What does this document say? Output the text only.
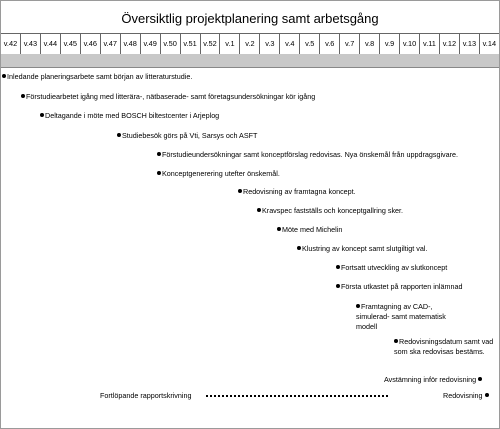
Översiktlig projektplanering samt arbetsgång
v.42 v.43 v.44 v.45 v.46 v.47 v.48 v.49 v.50 v.51 v.52	v.1	v.2	v.3	v.4	v.5	v.6	v.7	v.8	v.9	v.10 v.11 v.12 v.13 v.14
Inledande planeringsarbete samt början av litteraturstudie.
Förstudiearbetet igång med litterära-, nätbaserade- samt företagsundersökningar kör igång
Deltagande i möte med BOSCH biltestcenter i Arjeplog
Studiebesök görs på Vti, Sarsys och ASFT
Förstudieundersökningar samt konceptförslag redovisas. Nya önskemål från uppdragsgivare.
Konceptgenerering utefter önskemål.
Redovisning av framtagna koncept.
Kravspec fastställs och konceptgallring sker.
Möte med Michelin
Klustring av koncept samt slutgiltigt val.
Fortsatt utveckling av slutkoncept
Första utkastet på rapporten inlämnad
Framtagning av CAD-, simulerad- samt matematisk modell
Redovisningsdatum samt vad som ska redovisas bestäms.
Avstämning inför redovisning
Fortlöpande rapportskrivning	Redovisning
